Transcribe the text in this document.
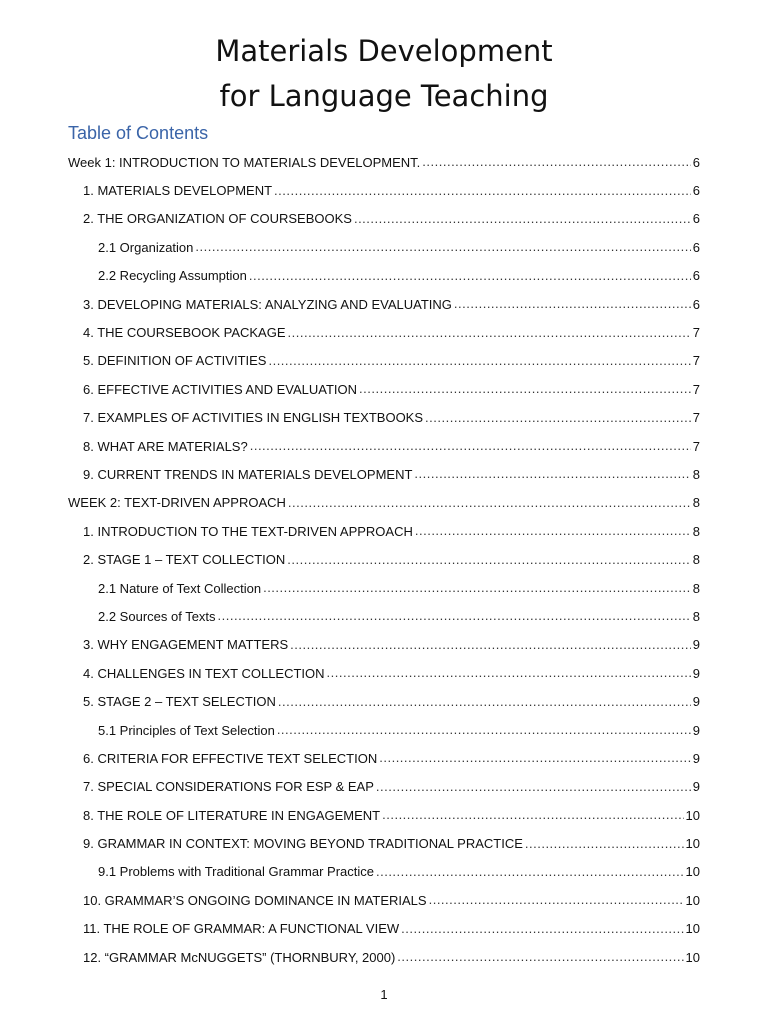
Materials Development
for Language Teaching
Table of Contents
Week 1: INTRODUCTION TO MATERIALS DEVELOPMENT. .....	6
1. MATERIALS DEVELOPMENT .....	6
2. THE ORGANIZATION OF COURSEBOOKS .....	6
2.1 Organization .....	6
2.2 Recycling Assumption .....	6
3. DEVELOPING MATERIALS: ANALYZING AND EVALUATING .....	6
4. THE COURSEBOOK PACKAGE .....	7
5. DEFINITION OF ACTIVITIES .....	7
6. EFFECTIVE ACTIVITIES AND EVALUATION .....	7
7. EXAMPLES OF ACTIVITIES IN ENGLISH TEXTBOOKS .....	7
8. WHAT ARE MATERIALS? .....	7
9. CURRENT TRENDS IN MATERIALS DEVELOPMENT .....	8
WEEK 2: TEXT-DRIVEN APPROACH .....	8
1. INTRODUCTION TO THE TEXT-DRIVEN APPROACH .....	8
2. STAGE 1 – TEXT COLLECTION .....	8
2.1 Nature of Text Collection .....	8
2.2 Sources of Texts .....	8
3. WHY ENGAGEMENT MATTERS .....	9
4. CHALLENGES IN TEXT COLLECTION .....	9
5. STAGE 2 – TEXT SELECTION .....	9
5.1 Principles of Text Selection .....	9
6. CRITERIA FOR EFFECTIVE TEXT SELECTION .....	9
7. SPECIAL CONSIDERATIONS FOR ESP & EAP .....	9
8. THE ROLE OF LITERATURE IN ENGAGEMENT .....	10
9. GRAMMAR IN CONTEXT: MOVING BEYOND TRADITIONAL PRACTICE .....	10
9.1 Problems with Traditional Grammar Practice .....	10
10. GRAMMAR’S ONGOING DOMINANCE IN MATERIALS .....	10
11. THE ROLE OF GRAMMAR: A FUNCTIONAL VIEW .....	10
12. “GRAMMAR McNUGGETS” (THORNBURY, 2000) .....	10
1
